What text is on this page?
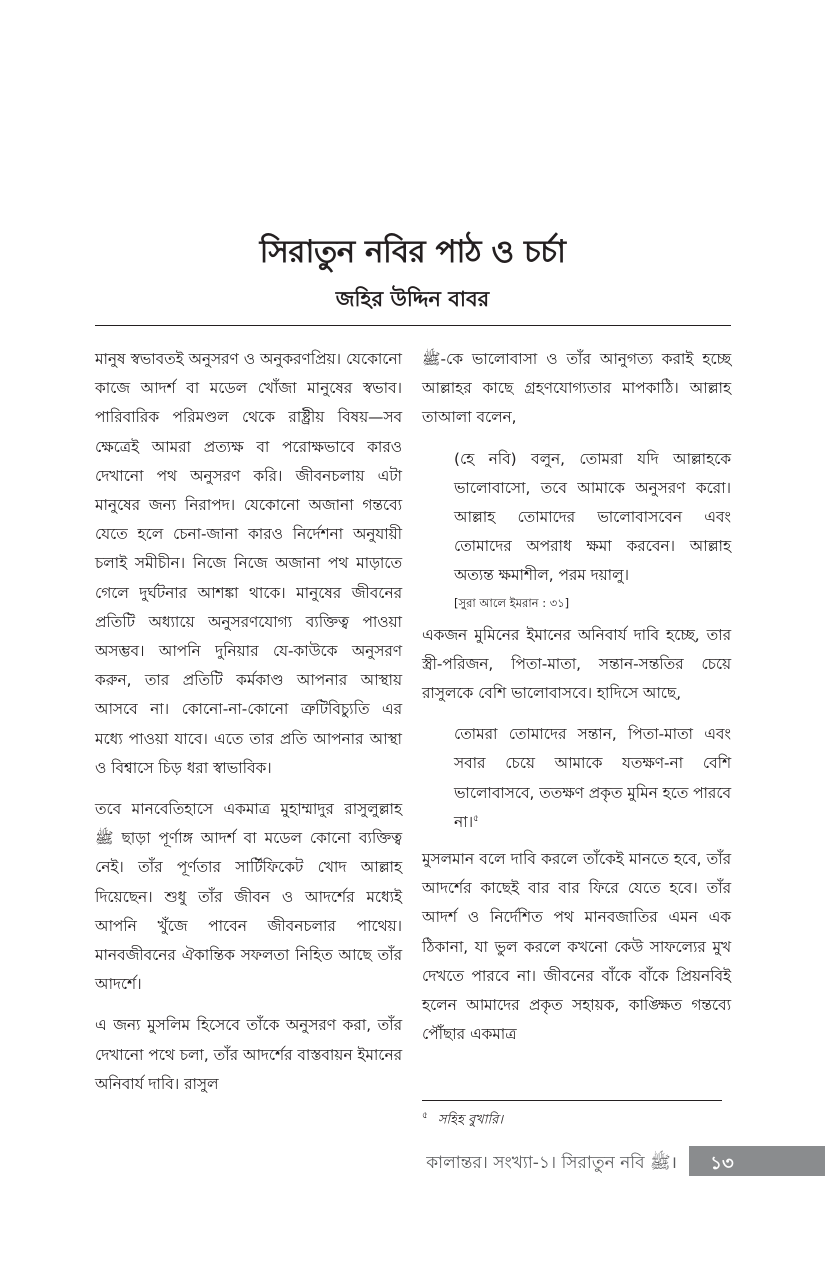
সিরাতুন নবির পাঠ ও চর্চা
জহির উদ্দিন বাবর

মানুষ স্বভাবতই অনুসরণ ও অনুকরণপ্রিয়। যেকোনো কাজে আদর্শ বা মডেল খোঁজা মানুষের স্বভাব। পারিবারিক পরিমণ্ডল থেকে রাষ্ট্রীয় বিষয়—সব ক্ষেত্রেই আমরা প্রত্যক্ষ বা পরোক্ষভাবে কারও দেখানো পথ অনুসরণ করি। জীবনচলায় এটা মানুষের জন্য নিরাপদ। যেকোনো অজানা গন্তব্যে যেতে হলে চেনা-জানা কারও নির্দেশনা অনুযায়ী চলাই সমীচীন। নিজে নিজে অজানা পথ মাড়াতে গেলে দুর্ঘটনার আশঙ্কা থাকে। মানুষের জীবনের প্রতিটি অধ্যায়ে অনুসরণযোগ্য ব্যক্তিত্ব পাওয়া অসম্ভব। আপনি দুনিয়ার যে-কাউকে অনুসরণ করুন, তার প্রতিটি কর্মকাণ্ড আপনার আস্থায় আসবে না। কোনো-না-কোনো ত্রুটিবিচ্যুতি এর মধ্যে পাওয়া যাবে। এতে তার প্রতি আপনার আস্থা ও বিশ্বাসে চিড় ধরা স্বাভাবিক।

তবে মানবেতিহাসে একমাত্র মুহাম্মাদুর রাসুলুল্লাহ ﷺ ছাড়া পূর্ণাঙ্গ আদর্শ বা মডেল কোনো ব্যক্তিত্ব নেই। তাঁর পূর্ণতার সার্টিফিকেট খোদ আল্লাহ দিয়েছেন। শুধু তাঁর জীবন ও আদর্শের মধ্যেই আপনি খুঁজে পাবেন জীবনচলার পাথেয়। মানবজীবনের ঐকান্তিক সফলতা নিহিত আছে তাঁর আদর্শে।

এ জন্য মুসলিম হিসেবে তাঁকে অনুসরণ করা, তাঁর দেখানো পথে চলা, তাঁর আদর্শের বাস্তবায়ন ইমানের অনিবার্য দাবি। রাসুল

ﷺ-কে ভালোবাসা ও তাঁর আনুগত্য করাই হচ্ছে আল্লাহর কাছে গ্রহণযোগ্যতার মাপকাঠি। আল্লাহ তাআলা বলেন,

(হে নবি) বলুন, তোমরা যদি আল্লাহকে ভালোবাসো, তবে আমাকে অনুসরণ করো। আল্লাহ তোমাদের ভালোবাসবেন এবং তোমাদের অপরাধ ক্ষমা করবেন। আল্লাহ অত্যন্ত ক্ষমাশীল, পরম দয়ালু।
[সুরা আলে ইমরান : ৩১]

একজন মুমিনের ইমানের অনিবার্য দাবি হচ্ছে, তার স্ত্রী-পরিজন, পিতা-মাতা, সন্তান-সন্ততির চেয়ে রাসুলকে বেশি ভালোবাসবে। হাদিসে আছে,

তোমরা তোমাদের সন্তান, পিতা-মাতা এবং সবার চেয়ে আমাকে যতক্ষণ-না বেশি ভালোবাসবে, ততক্ষণ প্রকৃত মুমিন হতে পারবে না।$^৫$

মুসলমান বলে দাবি করলে তাঁকেই মানতে হবে, তাঁর আদর্শের কাছেই বার বার ফিরে যেতে হবে। তাঁর আদর্শ ও নির্দেশিত পথ মানবজাতির এমন এক ঠিকানা, যা ভুল করলে কখনো কেউ সাফল্যের মুখ দেখতে পারবে না। জীবনের বাঁকে বাঁকে প্রিয়নবিই হলেন আমাদের প্রকৃত সহায়ক, কাঙ্ক্ষিত গন্তব্যে পৌঁছার একমাত্র

$^৫$ সহিহ বুখারি।
কালান্তর। সংখ্যা-১। সিরাতুন নবি ﷺ।	১৩
